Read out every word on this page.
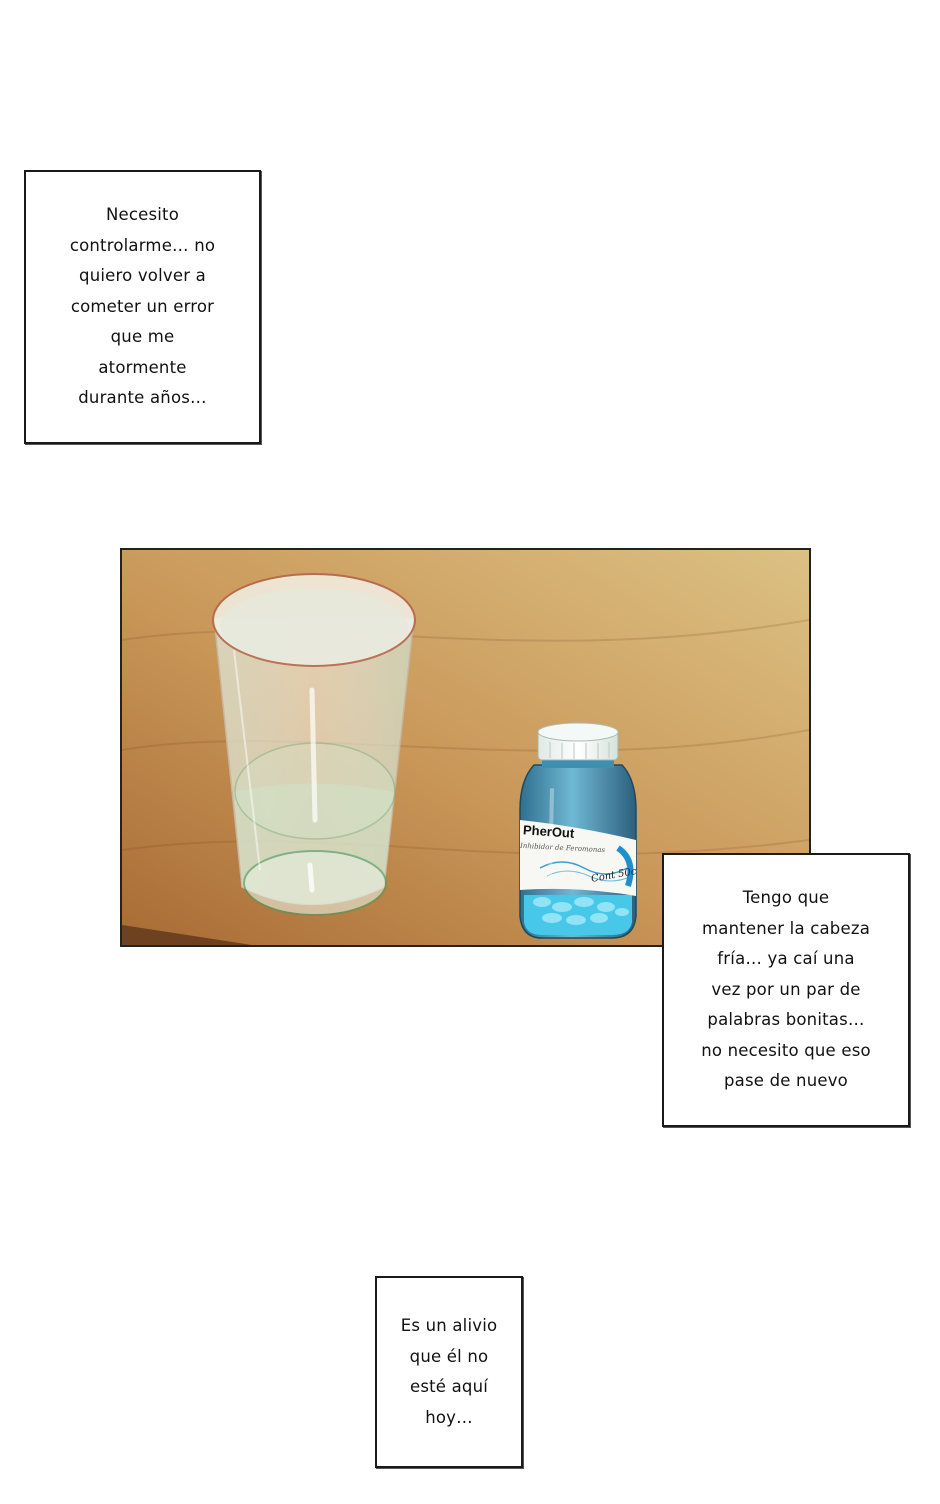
Necesito
controlarme… no
quiero volver a
cometer un error
que me
atormente
durante años…
PherOut
Inhibidor de Feromonas
Cont 50c
Tengo que
mantener la cabeza
fría… ya caí una
vez por un par de
palabras bonitas…
no necesito que eso
pase de nuevo
Es un alivio
que él no
esté aquí
hoy…
